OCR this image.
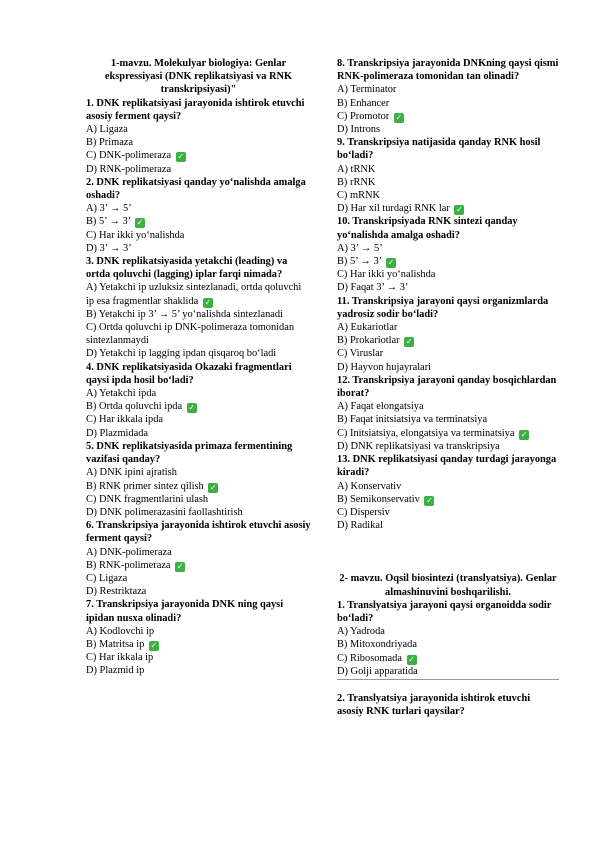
1-mavzu. Molekulyar biologiya: Genlar ekspressiyasi (DNK replikatsiyasi va RNK transkripsiyasi)"
1. DNK replikatsiyasi jarayonida ishtirok etuvchi asosiy ferment qaysi?
A) Ligaza
B) Primaza
C) DNK-polimeraza ✓
D) RNK-polimeraza
2. DNK replikatsiyasi qanday yo‘nalishda amalga oshadi?
A) 3’ → 5’
B) 5’ → 3’ ✓
C) Har ikki yo‘nalishda
D) 3’ → 3’
3. DNK replikatsiyasida yetakchi (leading) va ortda qoluvchi (lagging) iplar farqi nimada?
A) Yetakchi ip uzluksiz sintezlanadi, ortda qoluvchi ip esa fragmentlar shaklida ✓
B) Yetakchi ip 3’ → 5’ yo‘nalishda sintezlanadi
C) Ortda qoluvchi ip DNK-polimeraza tomonidan sintezlanmaydi
D) Yetakchi ip lagging ipdan qisqaroq bo‘ladi
4. DNK replikatsiyasida Okazaki fragmentlari qaysi ipda hosil bo‘ladi?
A) Yetakchi ipda
B) Ortda qoluvchi ipda ✓
C) Har ikkala ipda
D) Plazmidada
5. DNK replikatsiyasida primaza fermentining vazifasi qanday?
A) DNK ipini ajratish
B) RNK primer sintez qilish ✓
C) DNK fragmentlarini ulash
D) DNK polimerazasini faollashtirish
6. Transkripsiya jarayonida ishtirok etuvchi asosiy ferment qaysi?
A) DNK-polimeraza
B) RNK-polimeraza ✓
C) Ligaza
D) Restriktaza
7. Transkripsiya jarayonida DNK ning qaysi ipidan nusxa olinadi?
A) Kodlovchi ip
B) Matritsa ip ✓
C) Har ikkala ip
D) Plazmid ip
8. Transkripsiya jarayonida DNKning qaysi qismi RNK-polimeraza tomonidan tan olinadi?
A) Terminator
B) Enhancer
C) Promotor ✓
D) Introns
9. Transkripsiya natijasida qanday RNK hosil bo‘ladi?
A) tRNK
B) rRNK
C) mRNK
D) Har xil turdagi RNK lar ✓
10. Transkripsiyada RNK sintezi qanday yo‘nalishda amalga oshadi?
A) 3’ → 5’
B) 5’ → 3’ ✓
C) Har ikki yo‘nalishda
D) Faqat 3’ → 3’
11. Transkripsiya jarayoni qaysi organizmlarda yadrosiz sodir bo‘ladi?
A) Eukariotlar
B) Prokariotlar ✓
C) Viruslar
D) Hayvon hujayralari
12. Transkripsiya jarayoni qanday bosqichlardan iborat?
A) Faqat elongatsiya
B) Faqat initsiatsiya va terminatsiya
C) Initsiatsiya, elongatsiya va terminatsiya ✓
D) DNK replikatsiyasi va transkripsiya
13. DNK replikatsiyasi qanday turdagi jarayonga kiradi?
A) Konservativ
B) Semikonservativ ✓
C) Dispersiv
D) Radikal
2- mavzu. Oqsil biosintezi (translyatsiya). Genlar almashinuvini boshqarilishi.
1. Translyatsiya jarayoni qaysi organoidda sodir bo‘ladi?
A) Yadroda
B) Mitoxondriyada
C) Ribosomada ✓
D) Golji apparatida
2. Translyatsiya jarayonida ishtirok etuvchi asosiy RNK turlari qaysilar?
